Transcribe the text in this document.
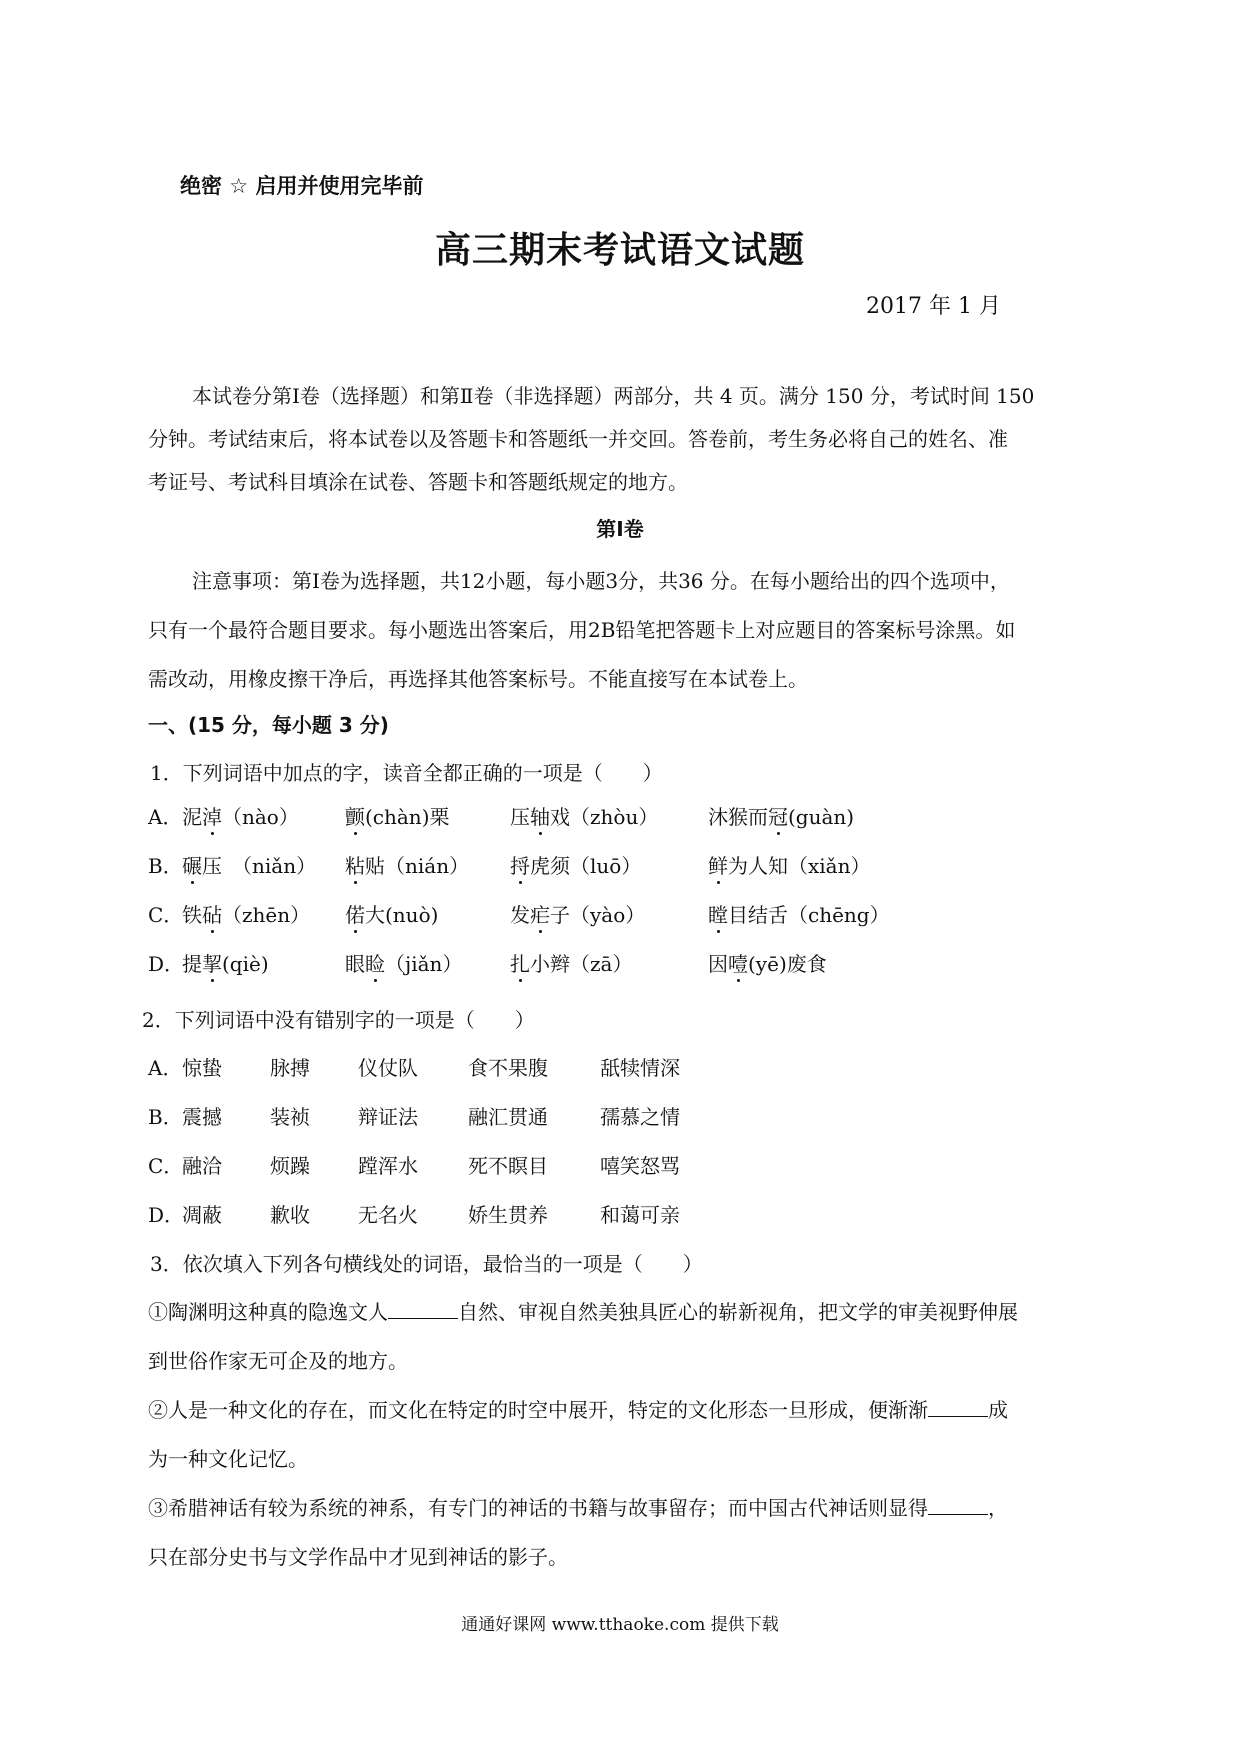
绝密 ☆ 启用并使用完毕前
高三期末考试语文试题
2017 年 1 月
本试卷分第Ⅰ卷（选择题）和第Ⅱ卷（非选择题）两部分，共 4 页。满分 150 分，考试时间 150
分钟。考试结束后，将本试卷以及答题卡和答题纸一并交回。答卷前，考生务必将自己的姓名、准
考证号、考试科目填涂在试卷、答题卡和答题纸规定的地方。
第Ⅰ卷
注意事项：第Ⅰ卷为选择题，共12小题，每小题3分，共36 分。在每小题给出的四个选项中，
只有一个最符合题目要求。每小题选出答案后，用2B铅笔把答题卡上对应题目的答案标号涂黑。如
需改动，用橡皮擦干净后，再选择其他答案标号。不能直接写在本试卷上。
一、(15 分，每小题 3 分)
1．下列词语中加点的字，读音全都正确的一项是（　　）
A． 泥淖（nào） 颤(chàn)栗	压轴戏（zhòu） 沐猴而冠(guàn)
B． 碾压　（niǎn） 粘贴（nián） 捋虎须（luō）	鲜为人知（xiǎn）
C．
铁砧（zhēn） 偌大(nuò)	发疟子（yào）	瞠目结舌（chēng）
D．
提挈(qiè)	眼睑（jiǎn） 扎小辫（zā）	因噎(yē)废食
2．下列词语中没有错别字的一项是（　　）
A． 惊蛰 脉搏 仪仗队	食不果腹	舐犊情深
B． 震撼 装祯 辩证法	融汇贯通	孺慕之情
C．
融洽 烦躁 蹚浑水	死不瞑目	嘻笑怒骂
D．
凋蔽 歉收 无名火	娇生贯养	和蔼可亲
3．依次填入下列各句横线处的词语，最恰当的一项是（　　）
①陶渊明这种真的隐逸文人	自然、审视自然美独具匠心的崭新视角，把文学的审美视野伸展
到世俗作家无可企及的地方。
②人是一种文化的存在，而文化在特定的时空中展开，特定的文化形态一旦形成，便渐渐	成
为一种文化记忆。
③希腊神话有较为系统的神系，有专门的神话的书籍与故事留存；而中国古代神话则显得	，
只在部分史书与文学作品中才见到神话的影子。
通通好课网 www.tthaoke.com 提供下载
